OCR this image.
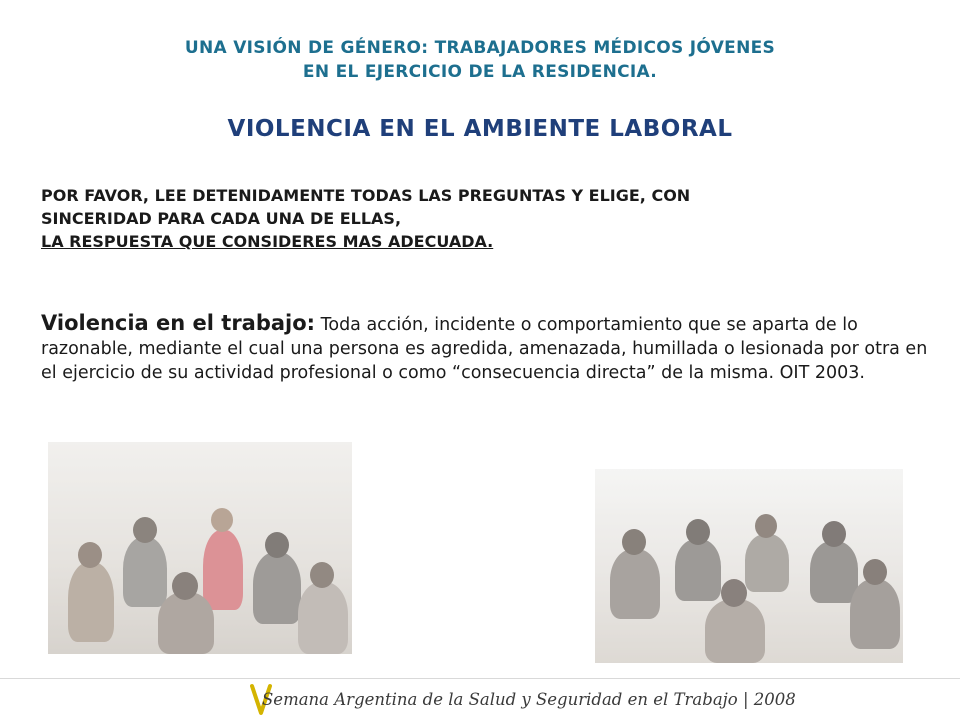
UNA VISIÓN DE GÉNERO: TRABAJADORES MÉDICOS JÓVENES
EN EL EJERCICIO DE LA RESIDENCIA.
VIOLENCIA EN EL AMBIENTE LABORAL
POR FAVOR, LEE DETENIDAMENTE TODAS LAS PREGUNTAS Y ELIGE, CON
SINCERIDAD PARA CADA UNA DE ELLAS,
LA RESPUESTA QUE CONSIDERES MAS ADECUADA.
Violencia en el trabajo: Toda acción, incidente o comportamiento que se aparta de lo razonable, mediante el cual una persona es agredida, amenazada, humillada o lesionada por otra en el ejercicio de su actividad profesional o como “consecuencia directa” de la misma. OIT 2003.
Semana Argentina de la Salud y Seguridad en el Trabajo | 2008
